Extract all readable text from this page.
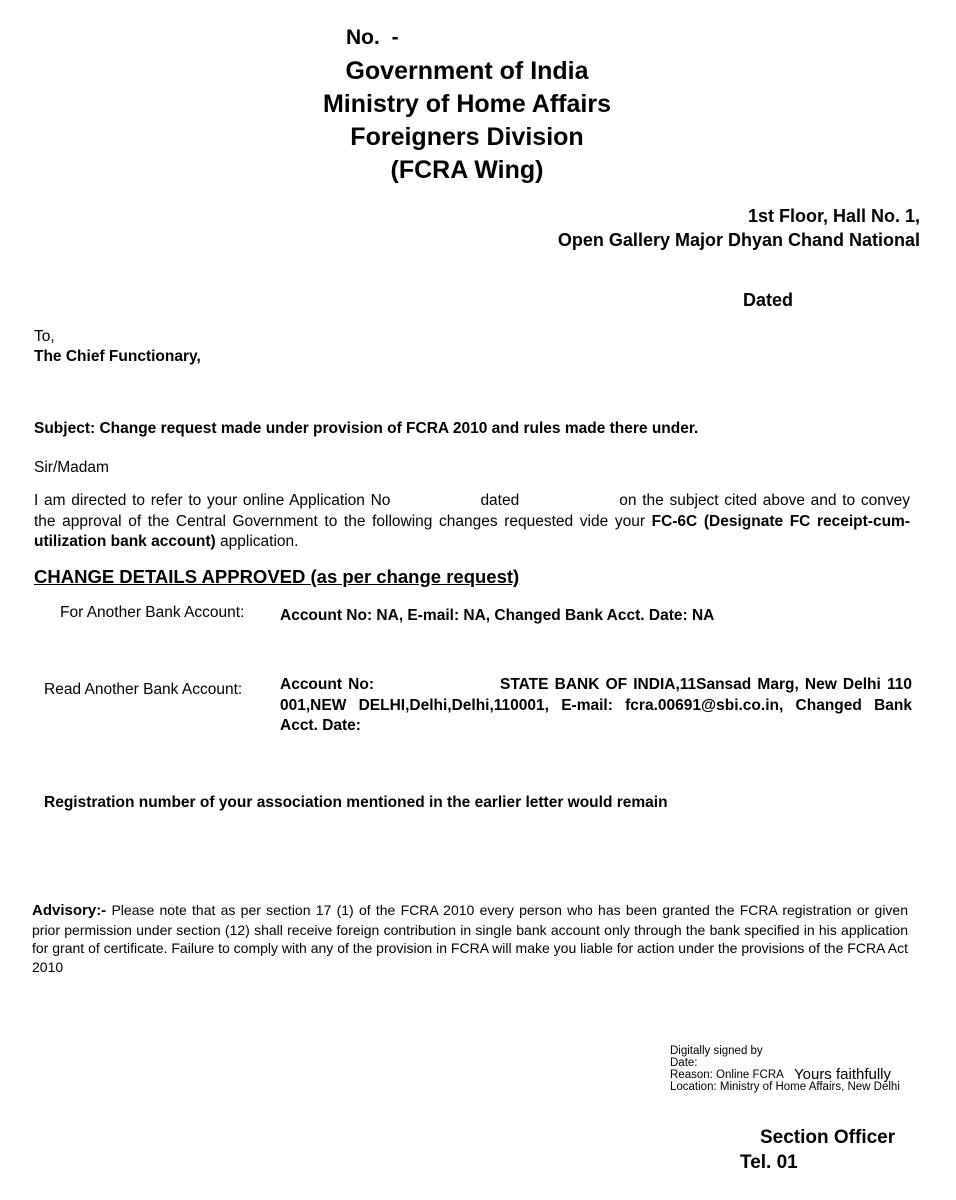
No. -
Government of India
Ministry of Home Affairs
Foreigners Division
(FCRA Wing)
1st Floor, Hall No. 1,
Open Gallery Major Dhyan Chand National
Dated
To,
The Chief Functionary,
Subject: Change request made under provision of FCRA 2010 and rules made there under.
Sir/Madam
I am directed to refer to your online Application No	dated	on the subject cited above and to convey the approval of the Central Government to the following changes requested vide your FC-6C (Designate FC receipt-cum-utilization bank account) application.
CHANGE DETAILS APPROVED (as per change request)
For Another Bank Account: Account No: NA, E-mail: NA, Changed Bank Acct. Date: NA
Read Another Bank Account: Account No:	STATE BANK OF INDIA,11Sansad Marg, New Delhi 110 001,NEW DELHI,Delhi,Delhi,110001, E-mail: fcra.00691@sbi.co.in, Changed Bank Acct. Date:
Registration number of your association mentioned in the earlier letter would remain
Advisory:- Please note that as per section 17 (1) of the FCRA 2010 every person who has been granted the FCRA registration or given prior permission under section (12) shall receive foreign contribution in single bank account only through the bank specified in his application for grant of certificate. Failure to comply with any of the provision in FCRA will make you liable for action under the provisions of the FCRA Act 2010
Digitally signed by
Date:
Reason: Online FCRA
Location: Ministry of Home Affairs, New Delhi
Yours faithfully
Section Officer
Tel. 01
